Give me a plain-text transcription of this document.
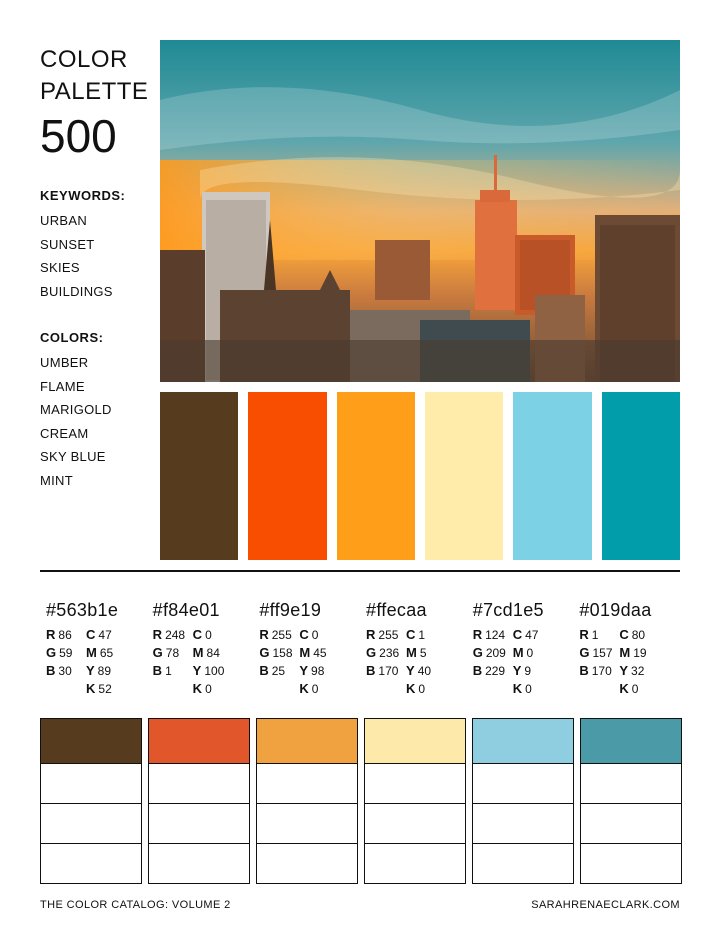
COLOR
PALETTE
500
KEYWORDS:
URBAN
SUNSET
SKIES
BUILDINGS
COLORS:
UMBER
FLAME
MARIGOLD
CREAM
SKY BLUE
MINT
#563b1e
R 86	C 47
G 59	M 65
B 30	Y 89
K 52
#f84e01
R 248 C 0
G 78	M 84
B 1	Y 100
K 0
#ff9e19
R 255 C 0
G 158 M 45
B 25	Y 98
K 0
#ffecaa
R 255 C 1
G 236 M 5
B 170 Y 40
K 0
#7cd1e5
R 124 C 47
G 209 M 0
B 229 Y 9
K 0
#019daa
R 1	C 80
G 157 M 19
B 170 Y 32
K 0
THE COLOR CATALOG: VOLUME 2	SARAHRENAECLARK.COM
